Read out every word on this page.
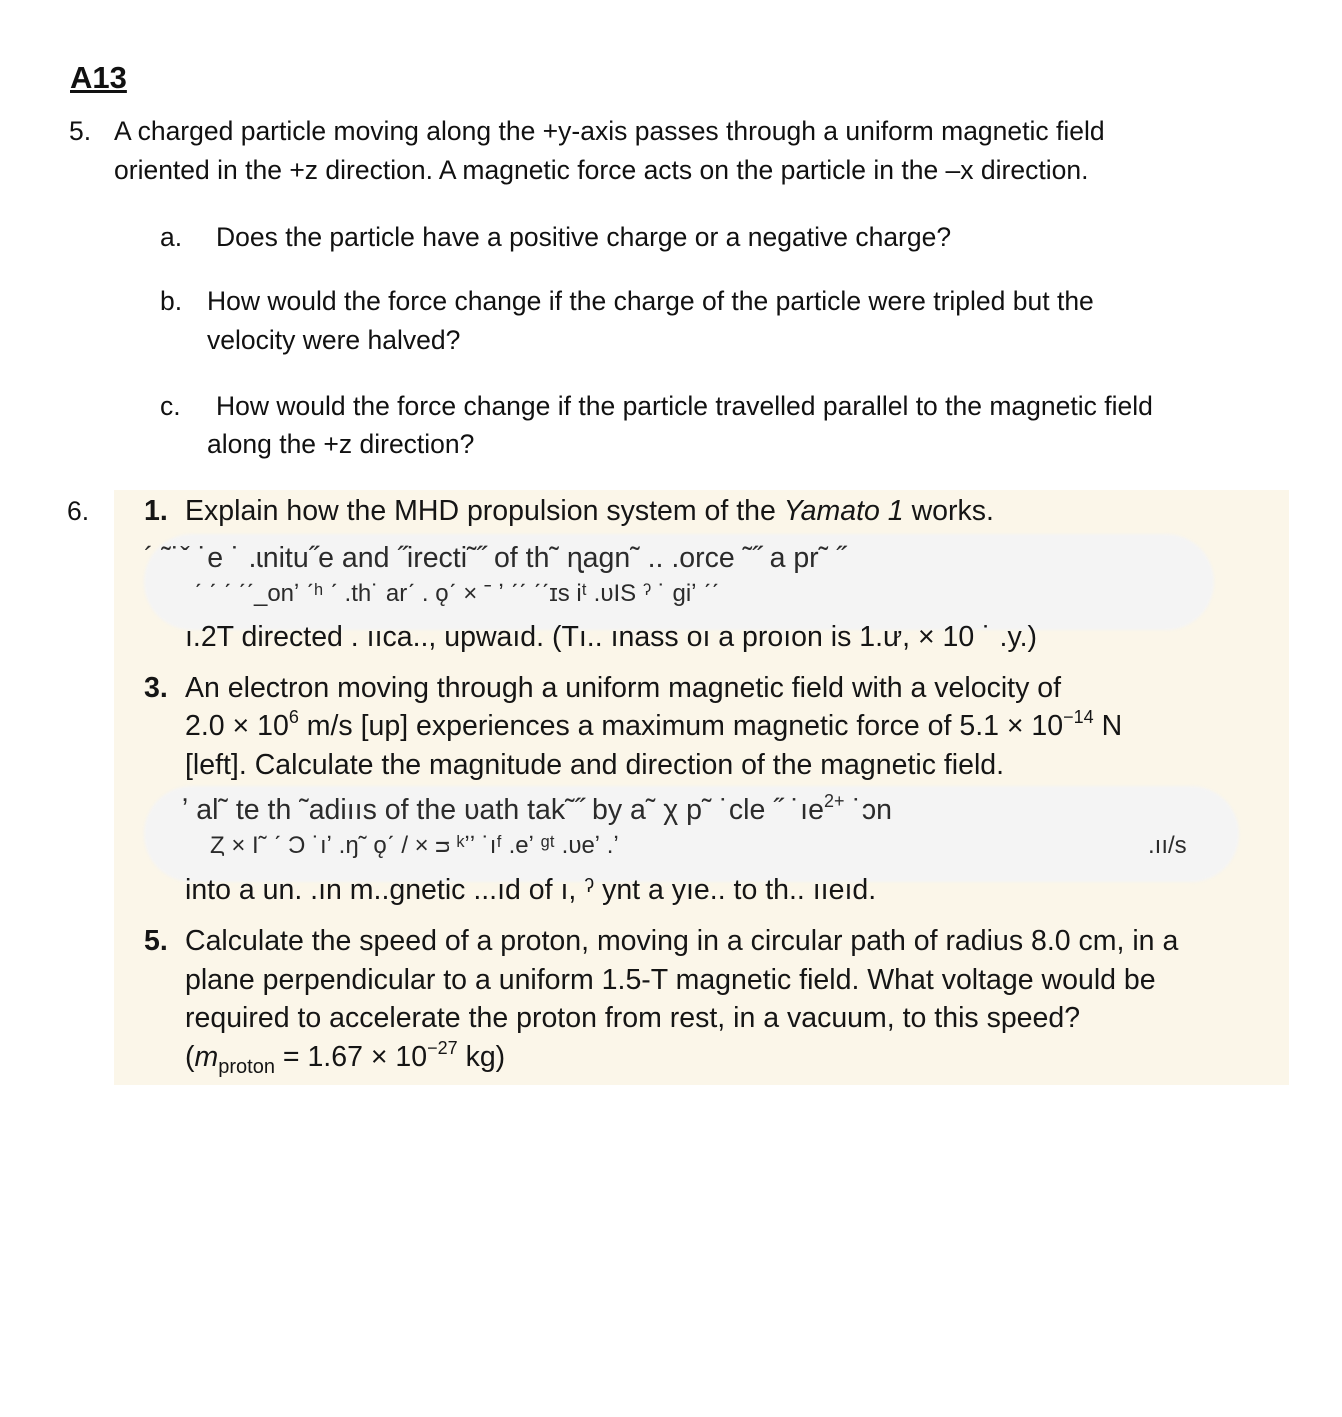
A13
5. A charged particle moving along the +y-axis passes through a uniform magnetic field
oriented in the +z direction. A magnetic force acts on the particle in the –x direction.
a. Does the particle have a positive charge or a negative charge?
b. How would the force change if the charge of the particle were tripled but the
velocity were halved?
c. How would the force change if the particle travelled parallel to the magnetic field
along the +z direction?
6. 1. Explain how the MHD propulsion system of the Yamato 1 works.
´ ˜˙ˇ ˙e ˙ .ɩnitu˝e and ˝irecti˜˝ of th˜ ɳagn˜ .. .orce ˜˝ a pr˜ ˝
ˊ ˊ ˊ ˊˊ_onʼ ˊʰ ˊ .th˙ arˊ . ǫˊ × ˉ ʼ ˊˊ ˊˊɪs iᵗ .ᴜIS ˀ ˙ giʼ ˊˊ
ı.2T directed . ııca.., upwaıd. (Tı.. ınass oı a proıon is 1.ư, × 10 ˙ .y.)
3. An electron moving through a uniform magnetic field with a velocity of
$2.0 \times 10^6$ m/s [up] experiences a maximum magnetic force of $5.1 \times 10^{-14}$ N
[left]. Calculate the magnitude and direction of the magnetic field.
ʼ al˜ te th ˜adiııs of the υath tak˜˝ by a˜ χ p˜ ˙cle ˝ $˙ıe^{2+}$ ˙ɔn
Ȥ × I˜ ˊ Ɔ ˙ıʼ .ŋ˜ ǫˊ / × ᴝ ᵏʼʼ ˙ıᶠ .eʼ ᵍᵗ .ᴜeʼ .ʼ	.ıı/s
into a un. .ın m..gnetic ...ıd of ı, ˀ ynt a yıe.. to th.. ııeıd.
5. Calculate the speed of a proton, moving in a circular path of radius 8.0 cm, in a
plane perpendicular to a uniform 1.5-T magnetic field. What voltage would be
required to accelerate the proton from rest, in a vacuum, to this speed?
($m_{proton} = 1.67 \times 10^{-27}$ kg)
